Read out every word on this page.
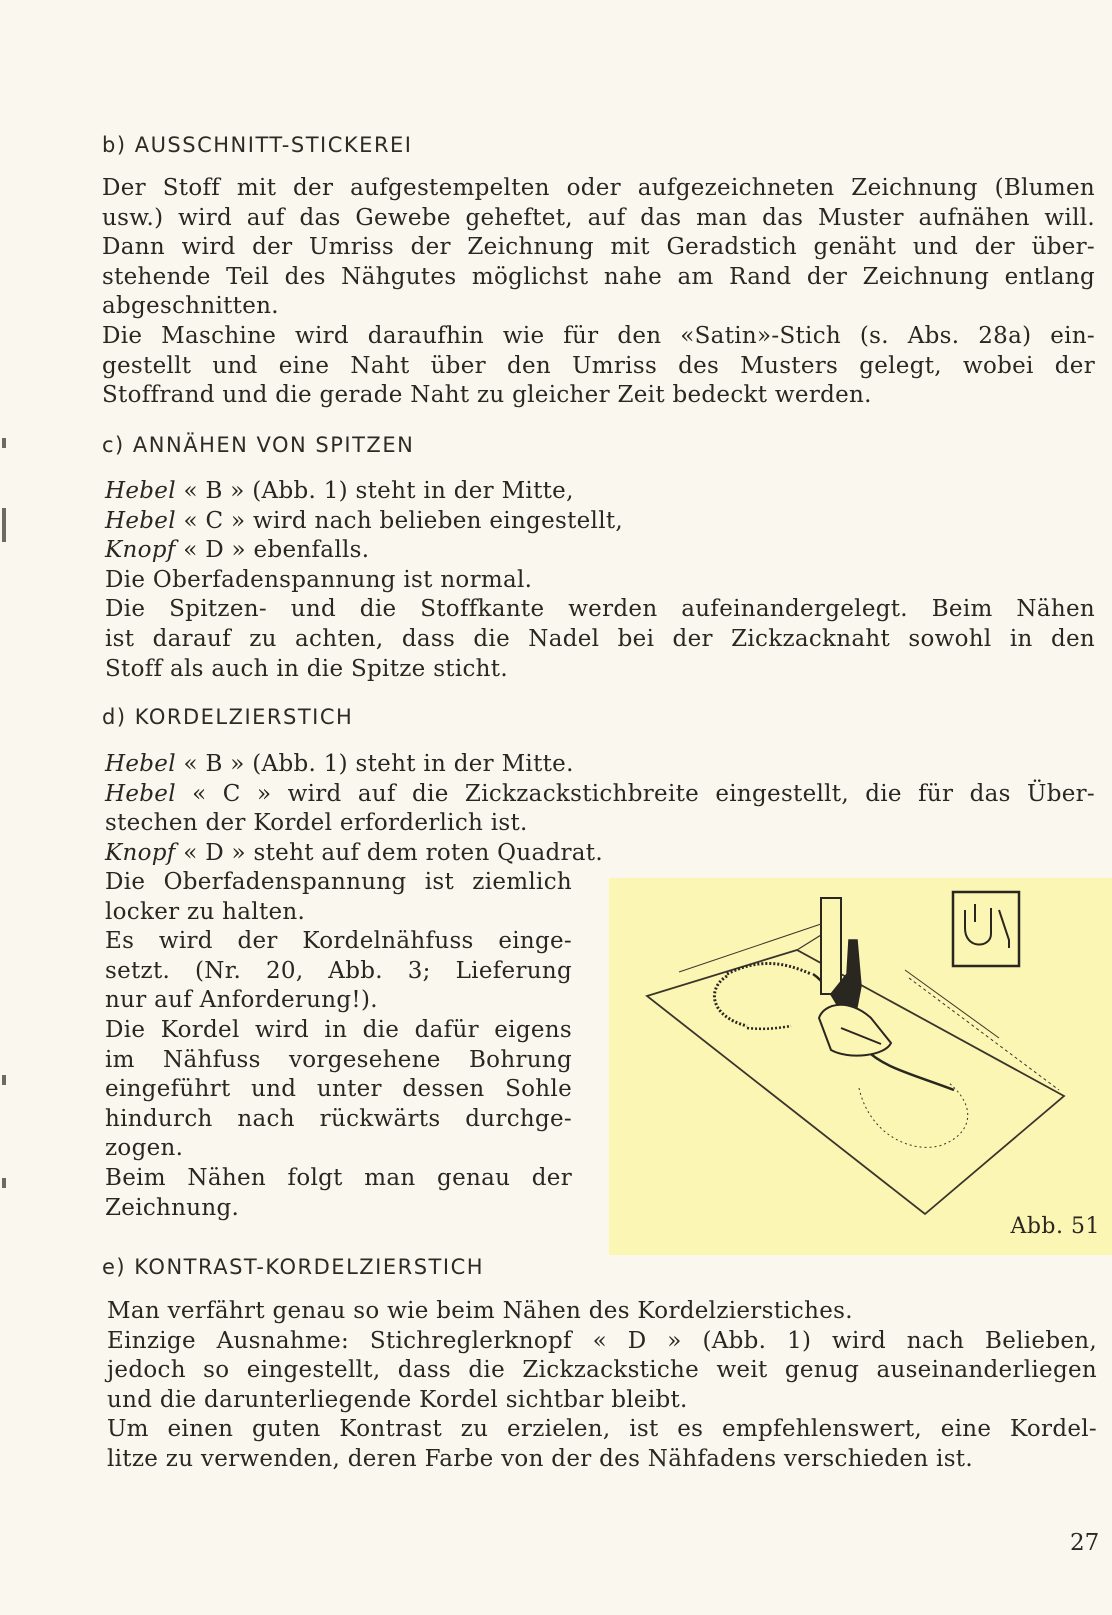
b) AUSSCHNITT-STICKEREI
Der Stoff mit der aufgestempelten oder aufgezeichneten Zeichnung (Blumen
usw.) wird auf das Gewebe geheftet, auf das man das Muster aufnähen will.
Dann wird der Umriss der Zeichnung mit Geradstich genäht und der über-
stehende Teil des Nähgutes möglichst nahe am Rand der Zeichnung entlang
abgeschnitten.
Die Maschine wird daraufhin wie für den «Satin»-Stich (s. Abs. 28a) ein-
gestellt und eine Naht über den Umriss des Musters gelegt, wobei der
Stoffrand und die gerade Naht zu gleicher Zeit bedeckt werden.
c) ANNÄHEN VON SPITZEN
Hebel « B » (Abb. 1) steht in der Mitte,
Hebel « C » wird nach belieben eingestellt,
Knopf « D » ebenfalls.
Die Oberfadenspannung ist normal.
Die Spitzen- und die Stoffkante werden aufeinandergelegt. Beim Nähen
ist darauf zu achten, dass die Nadel bei der Zickzacknaht sowohl in den
Stoff als auch in die Spitze sticht.
d) KORDELZIERSTICH
Hebel « B » (Abb. 1) steht in der Mitte.
Hebel « C » wird auf die Zickzackstichbreite eingestellt, die für das Über-
stechen der Kordel erforderlich ist.
Knopf « D » steht auf dem roten Quadrat.
Die Oberfadenspannung ist ziemlich
locker zu halten.
Es wird der Kordelnähfuss einge-
setzt. (Nr. 20, Abb. 3; Lieferung
nur auf Anforderung!).
Die Kordel wird in die dafür eigens
im Nähfuss vorgesehene Bohrung
eingeführt und unter dessen Sohle
hindurch nach rückwärts durchge-
zogen.
Beim Nähen folgt man genau der
Zeichnung.
Abb. 51
e) KONTRAST-KORDELZIERSTICH
Man verfährt genau so wie beim Nähen des Kordelzierstiches.
Einzige Ausnahme: Stichreglerknopf « D » (Abb. 1) wird nach Belieben,
jedoch so eingestellt, dass die Zickzackstiche weit genug auseinanderliegen
und die darunterliegende Kordel sichtbar bleibt.
Um einen guten Kontrast zu erzielen, ist es empfehlenswert, eine Kordel-
litze zu verwenden, deren Farbe von der des Nähfadens verschieden ist.
27
